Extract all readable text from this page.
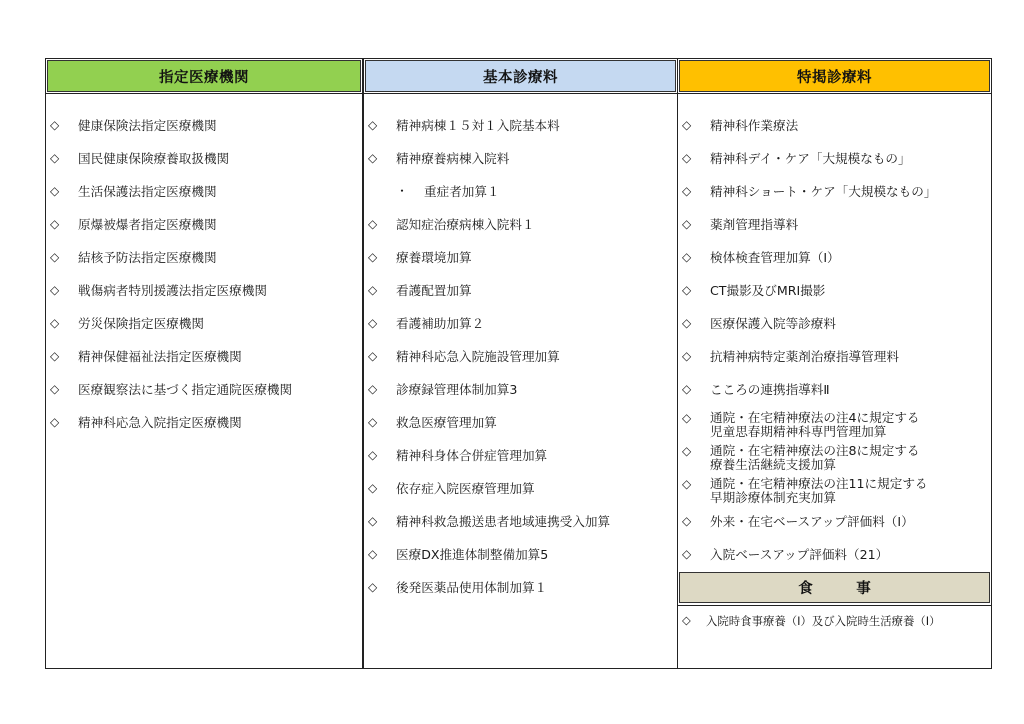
指定医療機関
◇	健康保険法指定医療機関
◇	国民健康保険療養取扱機関
◇	生活保護法指定医療機関
◇	原爆被爆者指定医療機関
◇	結核予防法指定医療機関
◇	戦傷病者特別援護法指定医療機関
◇	労災保険指定医療機関
◇	精神保健福祉法指定医療機関
◇	医療観察法に基づく指定通院医療機関
◇	精神科応急入院指定医療機関
基本診療料
◇	精神病棟１５対１入院基本料
◇	精神療養病棟入院料
・	重症者加算１
◇	認知症治療病棟入院料１
◇	療養環境加算
◇	看護配置加算
◇	看護補助加算２
◇	精神科応急入院施設管理加算
◇	診療録管理体制加算3
◇	救急医療管理加算
◇	精神科身体合併症管理加算
◇	依存症入院医療管理加算
◇	精神科救急搬送患者地域連携受入加算
◇	医療DX推進体制整備加算5
◇	後発医薬品使用体制加算１
特掲診療料
◇	精神科作業療法
◇	精神科デイ・ケア「大規模なもの」
◇	精神科ショート・ケア「大規模なもの」
◇	薬剤管理指導料
◇	検体検査管理加算（Ⅰ）
◇	CT撮影及びMRI撮影
◇	医療保護入院等診療料
◇	抗精神病特定薬剤治療指導管理料
◇	こころの連携指導料Ⅱ
◇	通院・在宅精神療法の注4に規定する
児童思春期精神科専門管理加算
◇	通院・在宅精神療法の注8に規定する
療養生活継続支援加算
◇	通院・在宅精神療法の注11に規定する
早期診療体制充実加算
◇	外来・在宅ベースアップ評価料（Ⅰ）
◇	入院ベースアップ評価料（21）
食　　　事
◇	入院時食事療養（Ⅰ）及び入院時生活療養（Ⅰ）
